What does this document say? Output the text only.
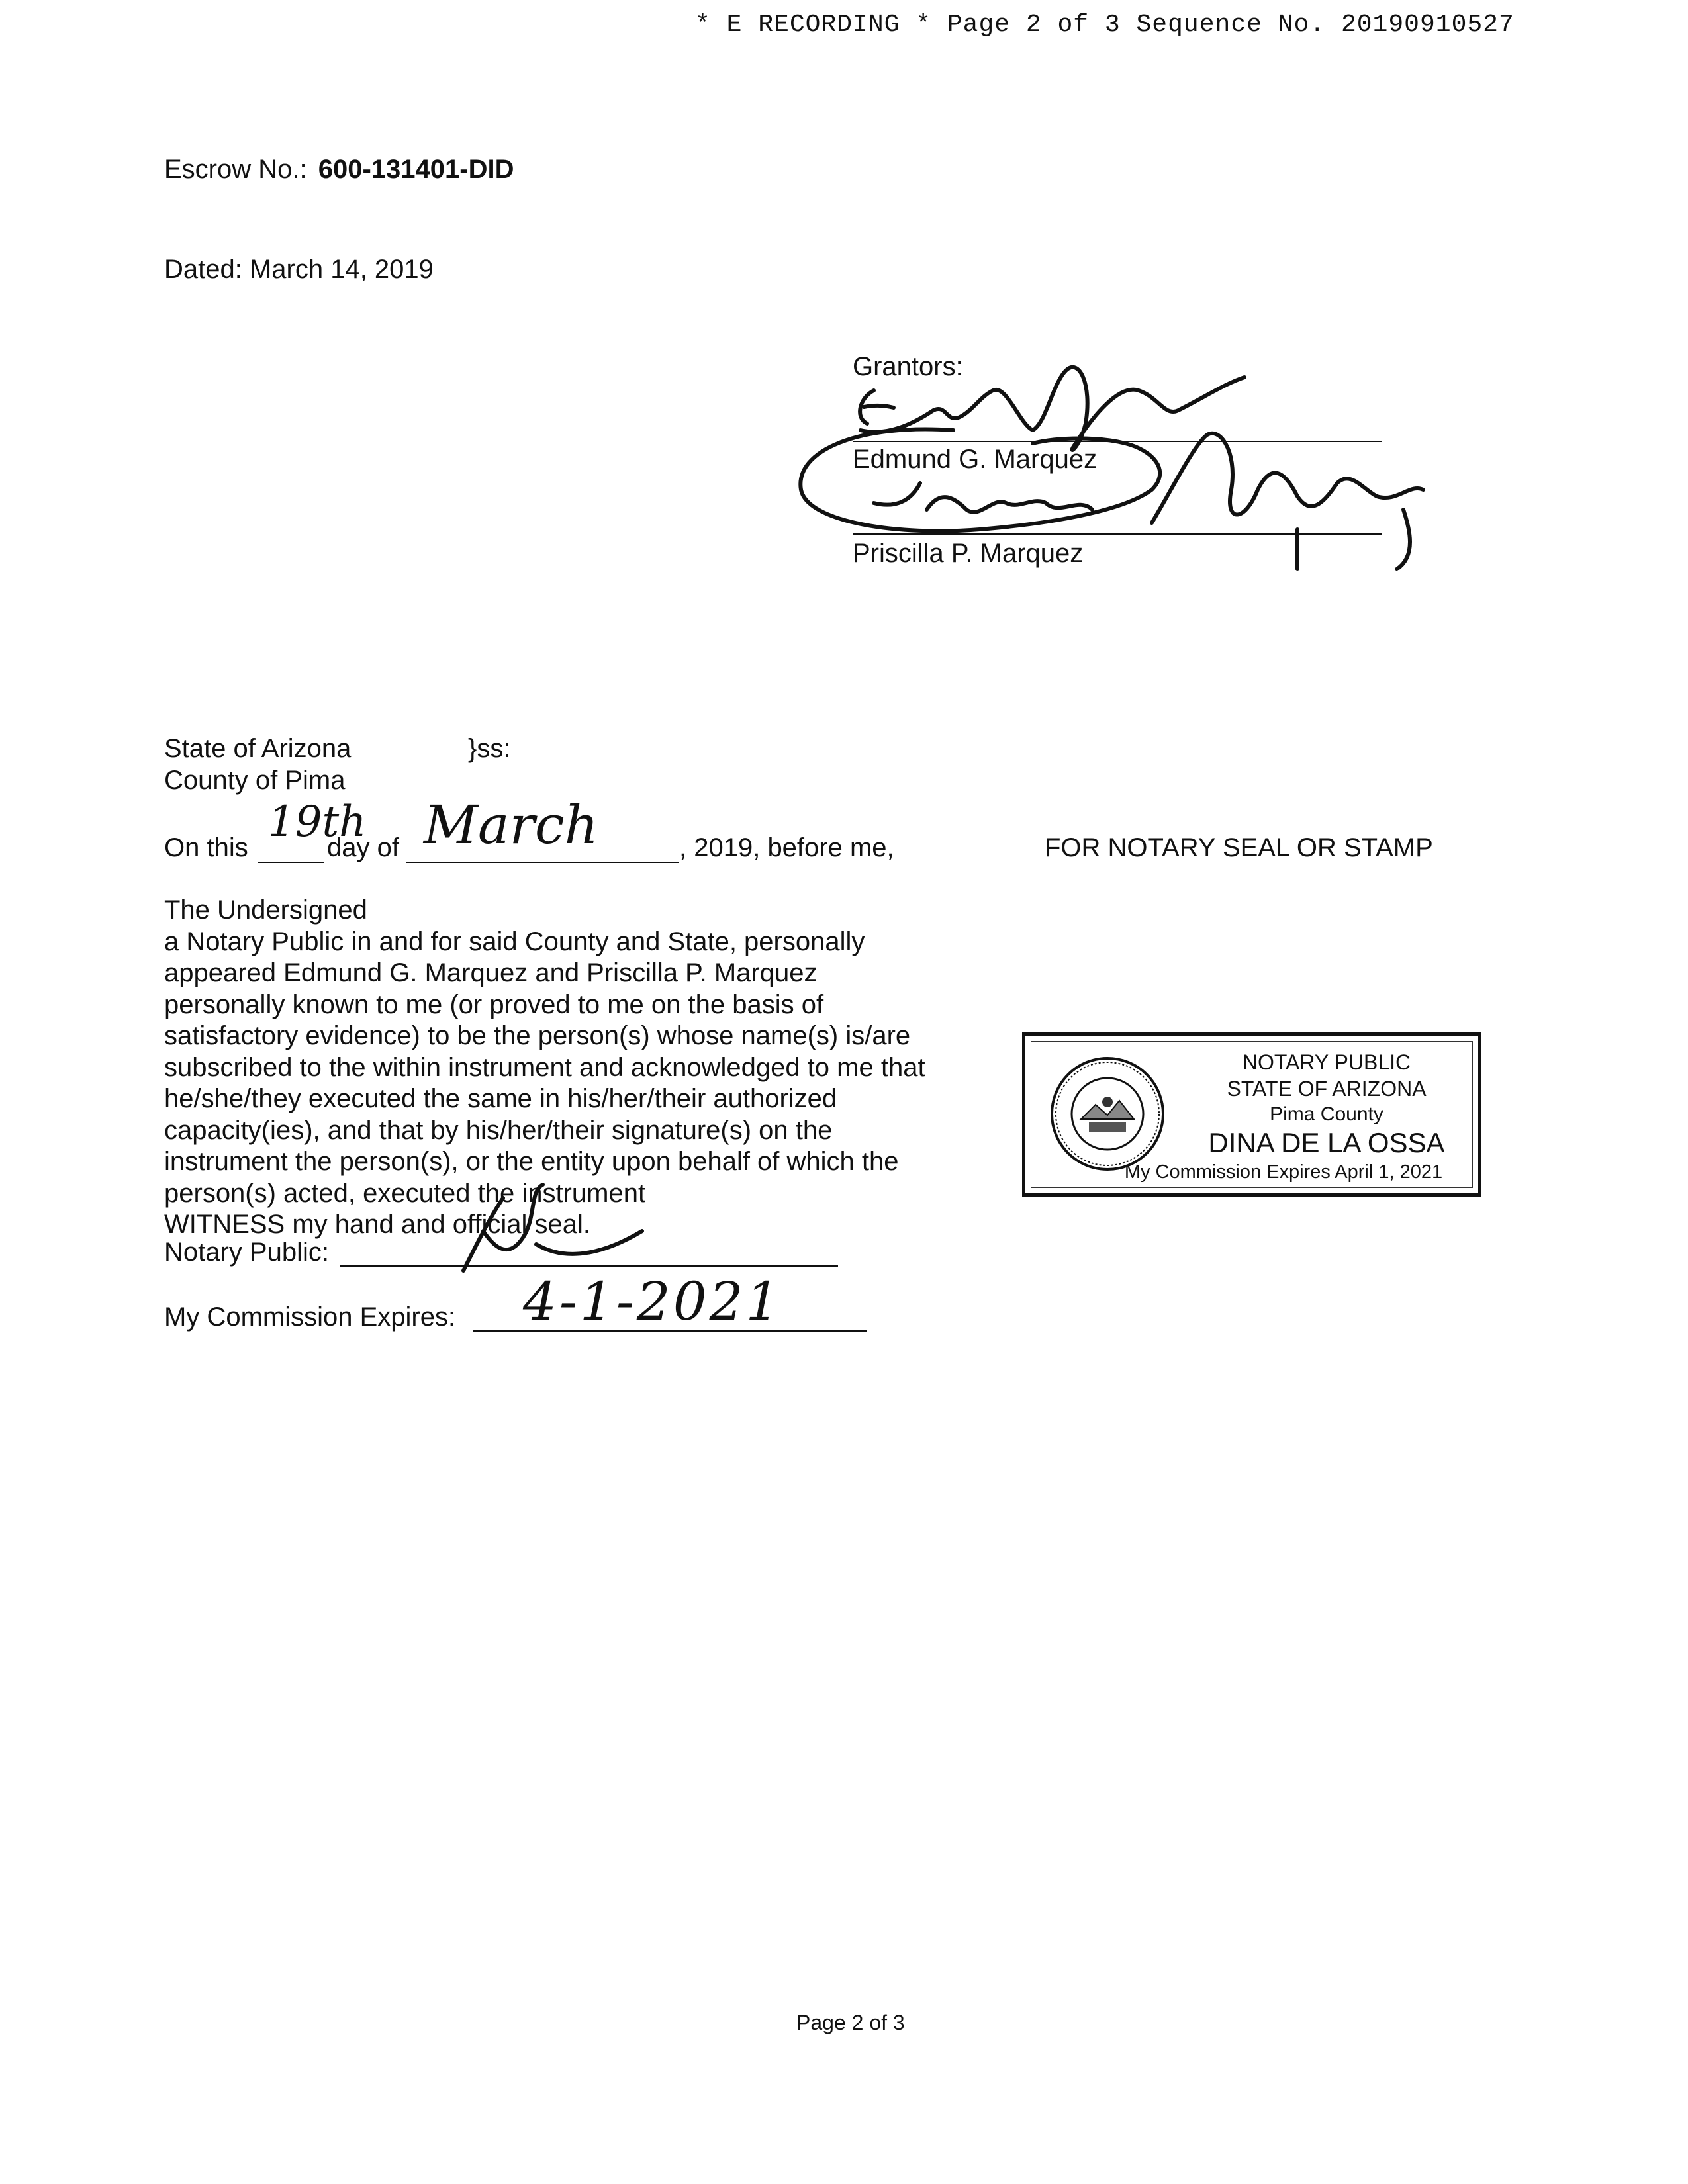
* E RECORDING * Page 2 of 3 Sequence No. 20190910527
Escrow No.: 600-131401-DID
Dated: March 14, 2019
Grantors:
Edmund G. Marquez
Priscilla P. Marquez
State of Arizona	}ss:
County of Pima
On this
19th
day of March	, 2019, before me,
The Undersigned
a Notary Public in and for said County and State, personally
appeared Edmund G. Marquez and Priscilla P. Marquez
personally known to me (or proved to me on the basis of
satisfactory evidence) to be the person(s) whose name(s) is/are
subscribed to the within instrument and acknowledged to me that
he/she/they executed the same in his/her/their authorized
capacity(ies), and that by his/her/their signature(s) on the
instrument the person(s), or the entity upon behalf of which the
person(s) acted, executed the instrument
WITNESS my hand and official seal.
Notary Public:
My Commission Expires: 4-1-2021
FOR NOTARY SEAL OR STAMP
NOTARY PUBLIC
STATE OF ARIZONA
Pima County
DINA DE LA OSSA
My Commission Expires April 1, 2021
Page 2 of 3
